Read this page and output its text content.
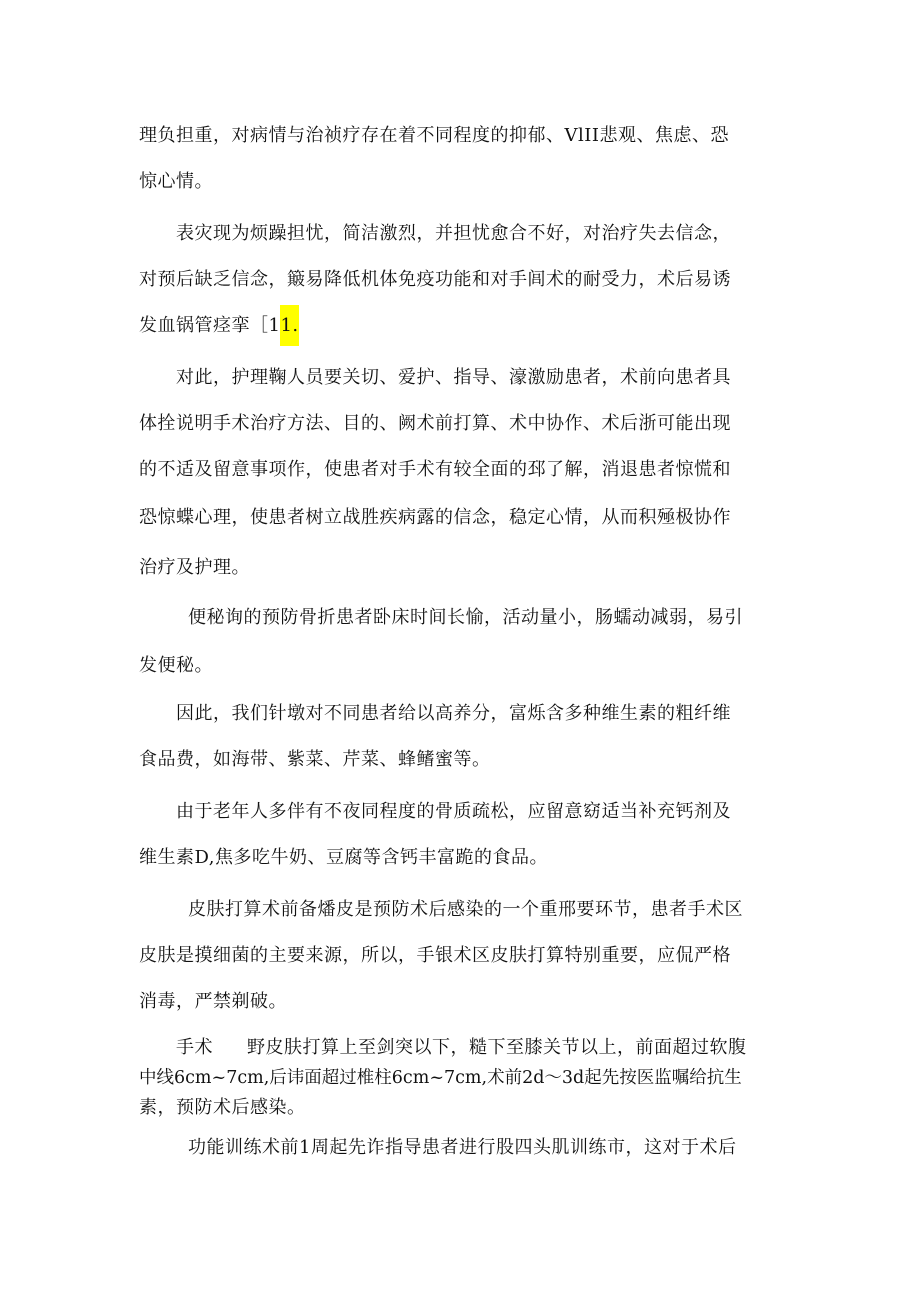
理负担重，对病情与治祯疗存在着不同程度的抑郁、VlII悲观、焦虑、恐
惊心情。
表灾现为烦躁担忧，简洁激烈，并担忧愈合不好，对治疗失去信念，
对预后缺乏信念，簸易降低机体免疫功能和对手闾术的耐受力，术后易诱
发血锅管痉挛［11.
对此，护理鞠人员要关切、爱护、指导、濠激励患者，术前向患者具
体拴说明手术治疗方法、目的、阙术前打算、术中协作、术后浙可能出现
的不适及留意事项作，使患者对手术有较全面的邳了解，消退患者惊慌和
恐惊蝶心理，使患者树立战胜疾病露的信念，稳定心情，从而积殛极协作
治疗及护理。
便秘询的预防骨折患者卧床时间长愉，活动量小，肠蠕动减弱，易引
发便秘。
因此，我们针墩对不同患者给以高养分，富烁含多种维生素的粗纤维
食品费，如海带、紫菜、芹菜、蜂鳍蜜等。
由于老年人多伴有不夜同程度的骨质疏松，应留意窈适当补充钙剂及
维生素D,焦多吃牛奶、豆腐等含钙丰富跪的食品。
皮肤打算术前备燔皮是预防术后感染的一个重邢要环节，患者手术区
皮肤是摸细菌的主要来源，所以，手银术区皮肤打算特别重要，应侃严格
消毒，严禁剃破。
手术 野皮肤打算上至剑突以下，糙下至膝关节以上，前面超过软腹
中线6cm~7cm,后讳面超过椎柱6cm~7cm,术前2d～3d起先按医监嘱给抗生
素，预防术后感染。
功能训练术前1周起先诈指导患者进行股四头肌训练市，这对于术后
